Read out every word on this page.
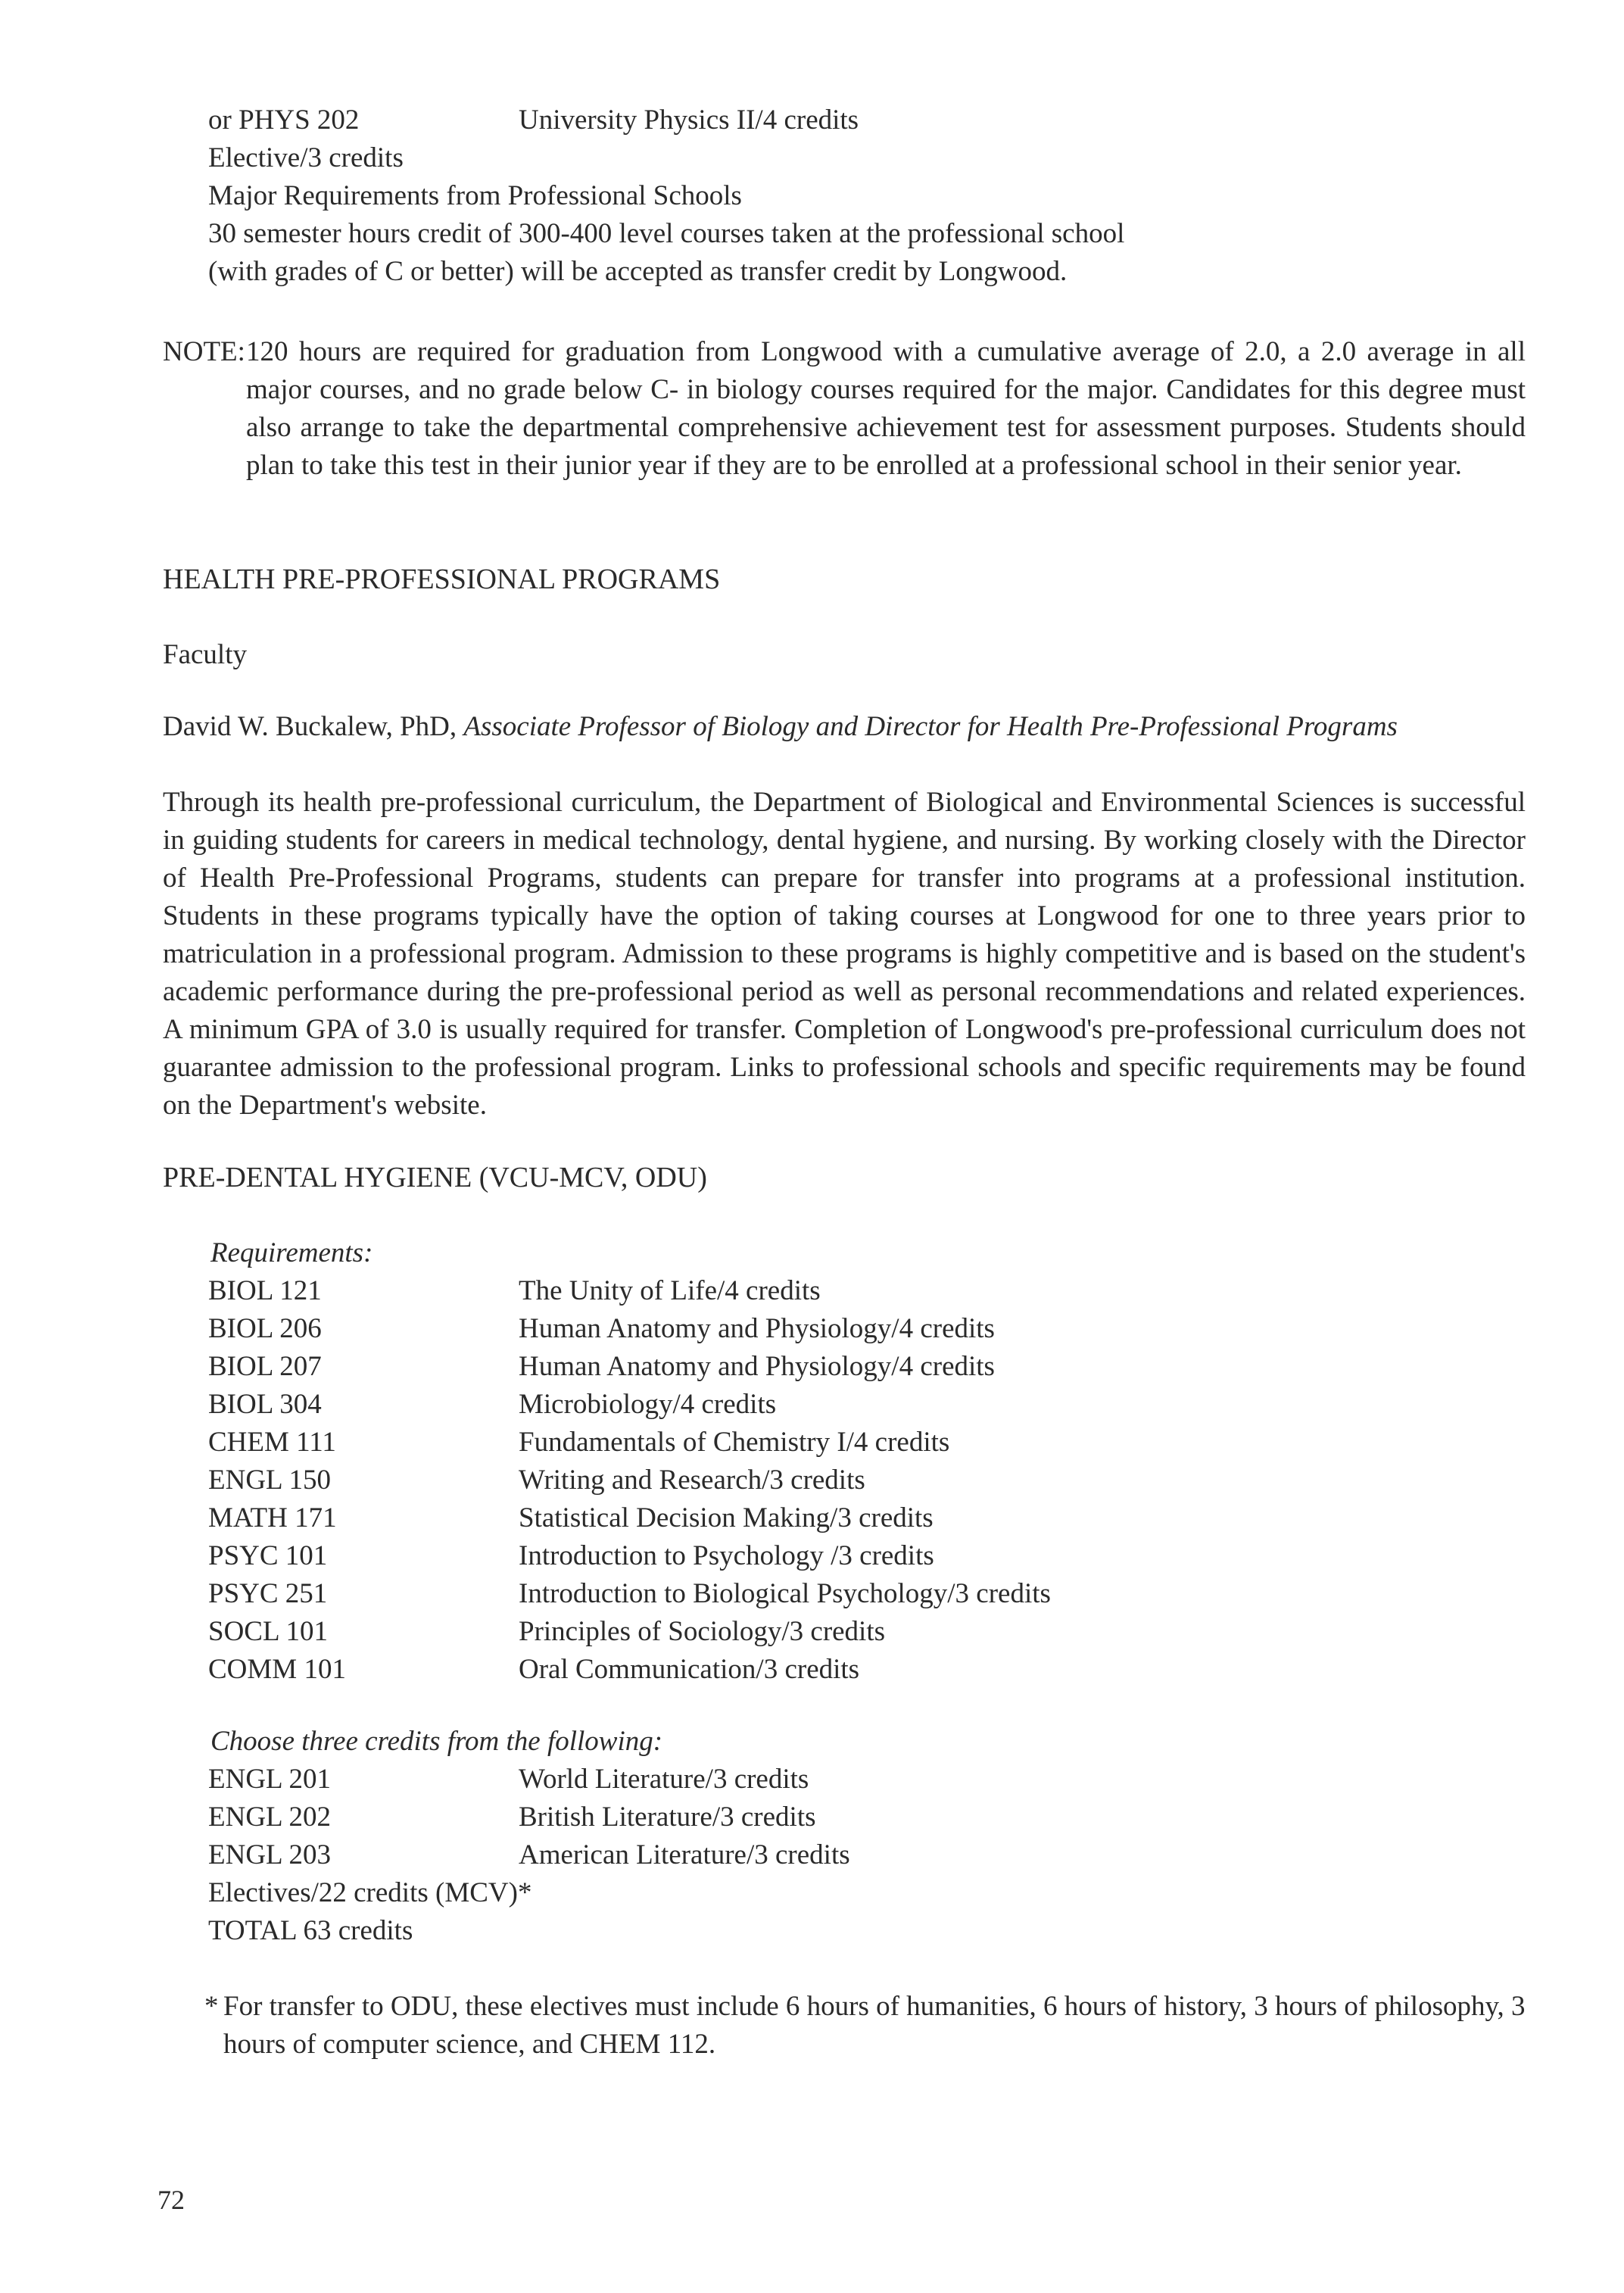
or PHYS 202	University Physics II/4 credits
Elective/3 credits
Major Requirements from Professional Schools
30 semester hours credit of 300-400 level courses taken at the professional school
(with grades of C or better) will be accepted as transfer credit by Longwood.
NOTE: 120 hours are required for graduation from Longwood with a cumulative average of 2.0, a 2.0 average in all major courses, and no grade below C- in biology courses required for the major. Candidates for this degree must also arrange to take the departmental comprehensive achievement test for assessment purposes. Students should plan to take this test in their junior year if they are to be enrolled at a professional school in their senior year.
HEALTH PRE-PROFESSIONAL PROGRAMS
Faculty
David W. Buckalew, PhD, Associate Professor of Biology and Director for Health Pre-Professional Programs

Through its health pre-professional curriculum, the Department of Biological and Environmental Sciences is successful in guiding students for careers in medical technology, dental hygiene, and nursing. By working closely with the Director of Health Pre-Professional Programs, students can prepare for transfer into programs at a professional institution. Students in these programs typically have the option of taking courses at Longwood for one to three years prior to matriculation in a professional program. Admission to these programs is highly competitive and is based on the student's academic performance during the pre-professional period as well as personal recommendations and related experiences. A minimum GPA of 3.0 is usually required for transfer. Completion of Longwood's pre-professional curriculum does not guarantee admission to the professional program. Links to professional schools and specific requirements may be found on the Department's website.

PRE-DENTAL HYGIENE (VCU-MCV, ODU)
Requirements:
BIOL 121	The Unity of Life/4 credits
BIOL 206	Human Anatomy and Physiology/4 credits
BIOL 207	Human Anatomy and Physiology/4 credits
BIOL 304	Microbiology/4 credits
CHEM 111	Fundamentals of Chemistry I/4 credits
ENGL 150	Writing and Research/3 credits
MATH 171	Statistical Decision Making/3 credits
PSYC 101	Introduction to Psychology /3 credits
PSYC 251	Introduction to Biological Psychology/3 credits
SOCL 101	Principles of Sociology/3 credits
COMM 101	Oral Communication/3 credits
Choose three credits from the following:
ENGL 201	World Literature/3 credits
ENGL 202	British Literature/3 credits
ENGL 203	American Literature/3 credits
Electives/22 credits (MCV)*
TOTAL 63 credits
* For transfer to ODU, these electives must include 6 hours of humanities, 6 hours of history, 3 hours of philosophy, 3 hours of computer science, and CHEM 112.
72
